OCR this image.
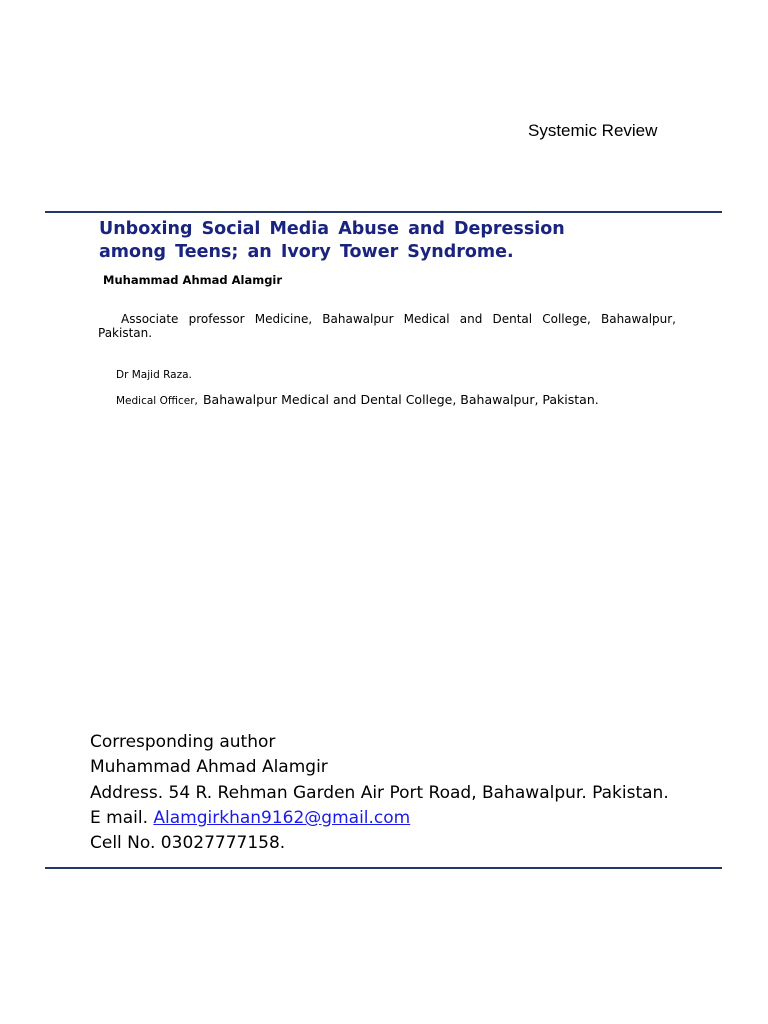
Systemic Review
Unboxing Social Media Abuse and Depression
among Teens; an Ivory Tower Syndrome.
Muhammad Ahmad Alamgir
Associate professor Medicine, Bahawalpur Medical and Dental College, Bahawalpur, Pakistan.
Dr Majid Raza.
Medical Officer, Bahawalpur Medical and Dental College, Bahawalpur, Pakistan.
Corresponding author
Muhammad Ahmad Alamgir
Address. 54 R. Rehman Garden Air Port Road, Bahawalpur. Pakistan.
E mail. Alamgirkhan9162@gmail.com
Cell No. 03027777158.
